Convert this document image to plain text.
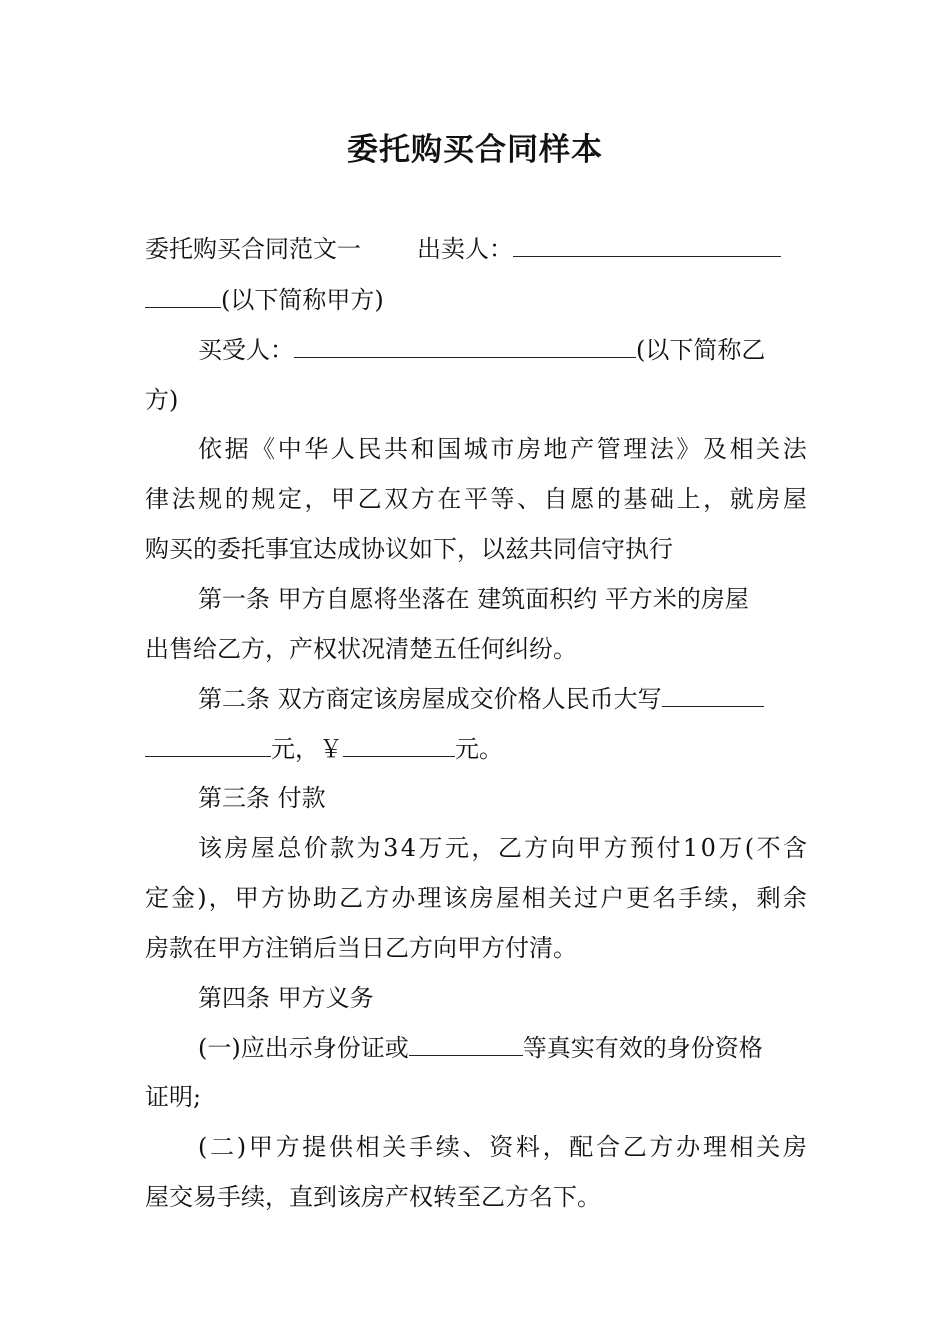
委托购买合同样本
委托购买合同范文一 出卖人：
(以下简称甲方)
买受人：	(以下简称乙
方)
依 据 《 中 华 人 民 共 和 国 城 市 房 地 产 管 理 法 》 及 相 关 法
律 法 规 的 规 定 ， 甲 乙 双 方 在 平 等 、 自 愿 的 基 础 上 ， 就 房 屋
购买的委托事宜达成协议如下，以兹共同信守执行
第一条 甲方自愿将坐落在 建筑面积约 平方米的房屋
出售给乙方，产权状况清楚五任何纠纷。
第二条 双方商定该房屋成交价格人民币大写
元，￥	元。
第三条 付款
该 房 屋 总 价 款 为 3 4 万 元 ， 乙 方 向 甲 方 预 付 1 0 万 ( 不 含
定 金 ) ， 甲 方 协 助 乙 方 办 理 该 房 屋 相 关 过 户 更 名 手 续 ， 剩 余
房款在甲方注销后当日乙方向甲方付清。
第四条 甲方义务
(一)应出示身份证或	等真实有效的身份资格
证明;
( 二 ) 甲 方 提 供 相 关 手 续 、 资 料 ， 配 合 乙 方 办 理 相 关 房
屋交易手续，直到该房产权转至乙方名下。
